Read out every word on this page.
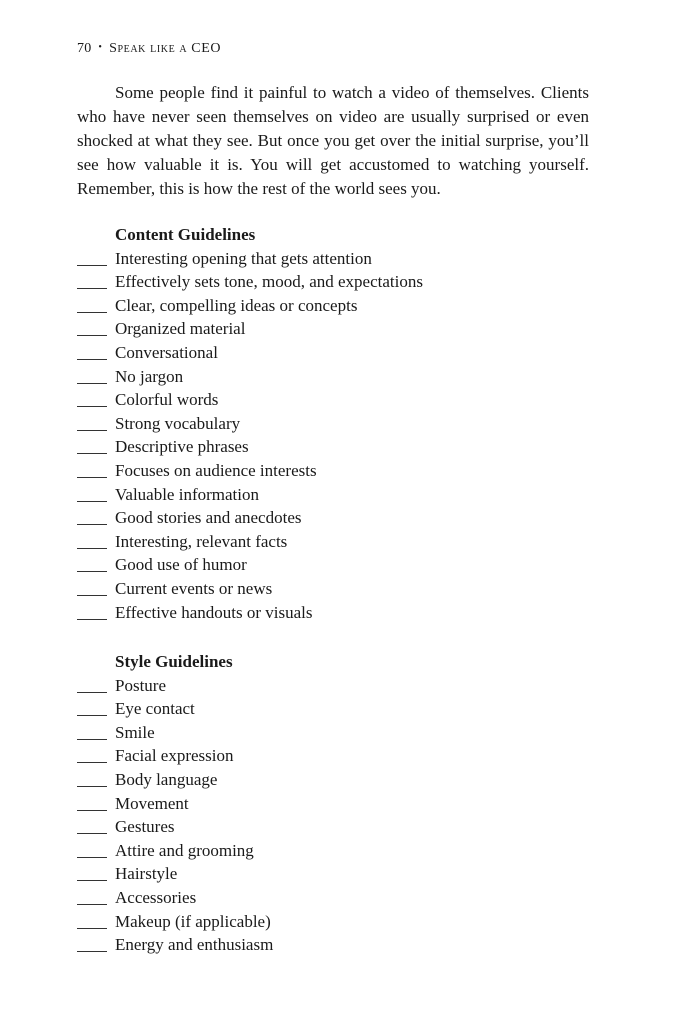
70 • Speak like a CEO

Some people find it painful to watch a video of themselves. Clients who have never seen themselves on video are usually surprised or even shocked at what they see. But once you get over the initial surprise, you’ll see how valuable it is. You will get accustomed to watching yourself. Remember, this is how the rest of the world sees you.

Content Guidelines
Interesting opening that gets attention
Effectively sets tone, mood, and expectations
Clear, compelling ideas or concepts
Organized material
Conversational
No jargon
Colorful words
Strong vocabulary
Descriptive phrases
Focuses on audience interests
Valuable information
Good stories and anecdotes
Interesting, relevant facts
Good use of humor
Current events or news
Effective handouts or visuals
Style Guidelines
Posture
Eye contact
Smile
Facial expression
Body language
Movement
Gestures
Attire and grooming
Hairstyle
Accessories
Makeup (if applicable)
Energy and enthusiasm
